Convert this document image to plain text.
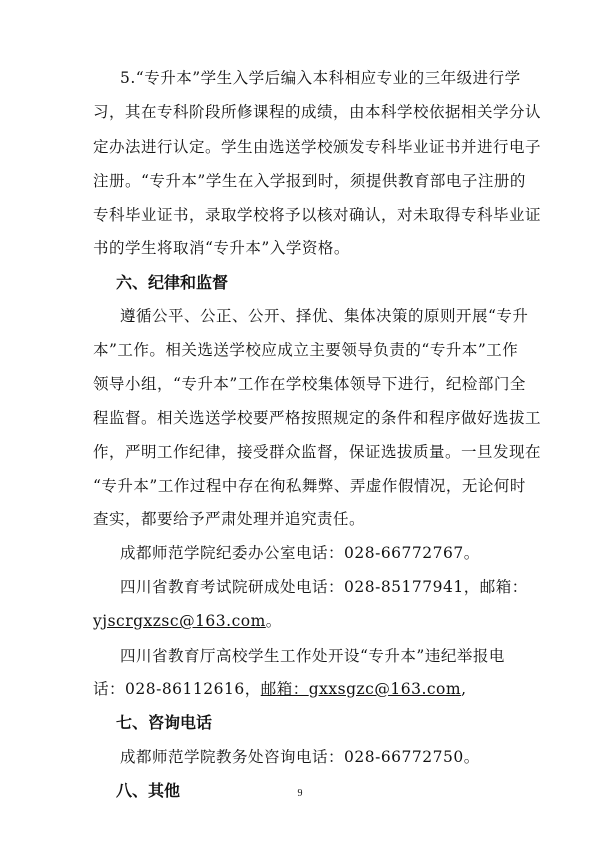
5.“专升本”学生入学后编入本科相应专业的三年级进行学
习，其在专科阶段所修课程的成绩，由本科学校依据相关学分认
定办法进行认定。学生由选送学校颁发专科毕业证书并进行电子
注册。“专升本”学生在入学报到时，须提供教育部电子注册的
专科毕业证书，录取学校将予以核对确认，对未取得专科毕业证
书的学生将取消“专升本”入学资格。
六、纪律和监督
遵循公平、公正、公开、择优、集体决策的原则开展“专升
本”工作。相关选送学校应成立主要领导负责的“专升本”工作
领导小组，“专升本”工作在学校集体领导下进行，纪检部门全
程监督。相关选送学校要严格按照规定的条件和程序做好选拔工
作，严明工作纪律，接受群众监督，保证选拔质量。一旦发现在
“专升本”工作过程中存在徇私舞弊、弄虚作假情况，无论何时
查实，都要给予严肃处理并追究责任。
成都师范学院纪委办公室电话：028-66772767。
四川省教育考试院研成处电话：028-85177941，邮箱：
yjscrgxzsc@163.com。
四川省教育厅高校学生工作处开设“专升本”违纪举报电
话：028-86112616，邮箱：gxxsgzc@163.com,
七、咨询电话
成都师范学院教务处咨询电话：028-66772750。
八、其他	9
